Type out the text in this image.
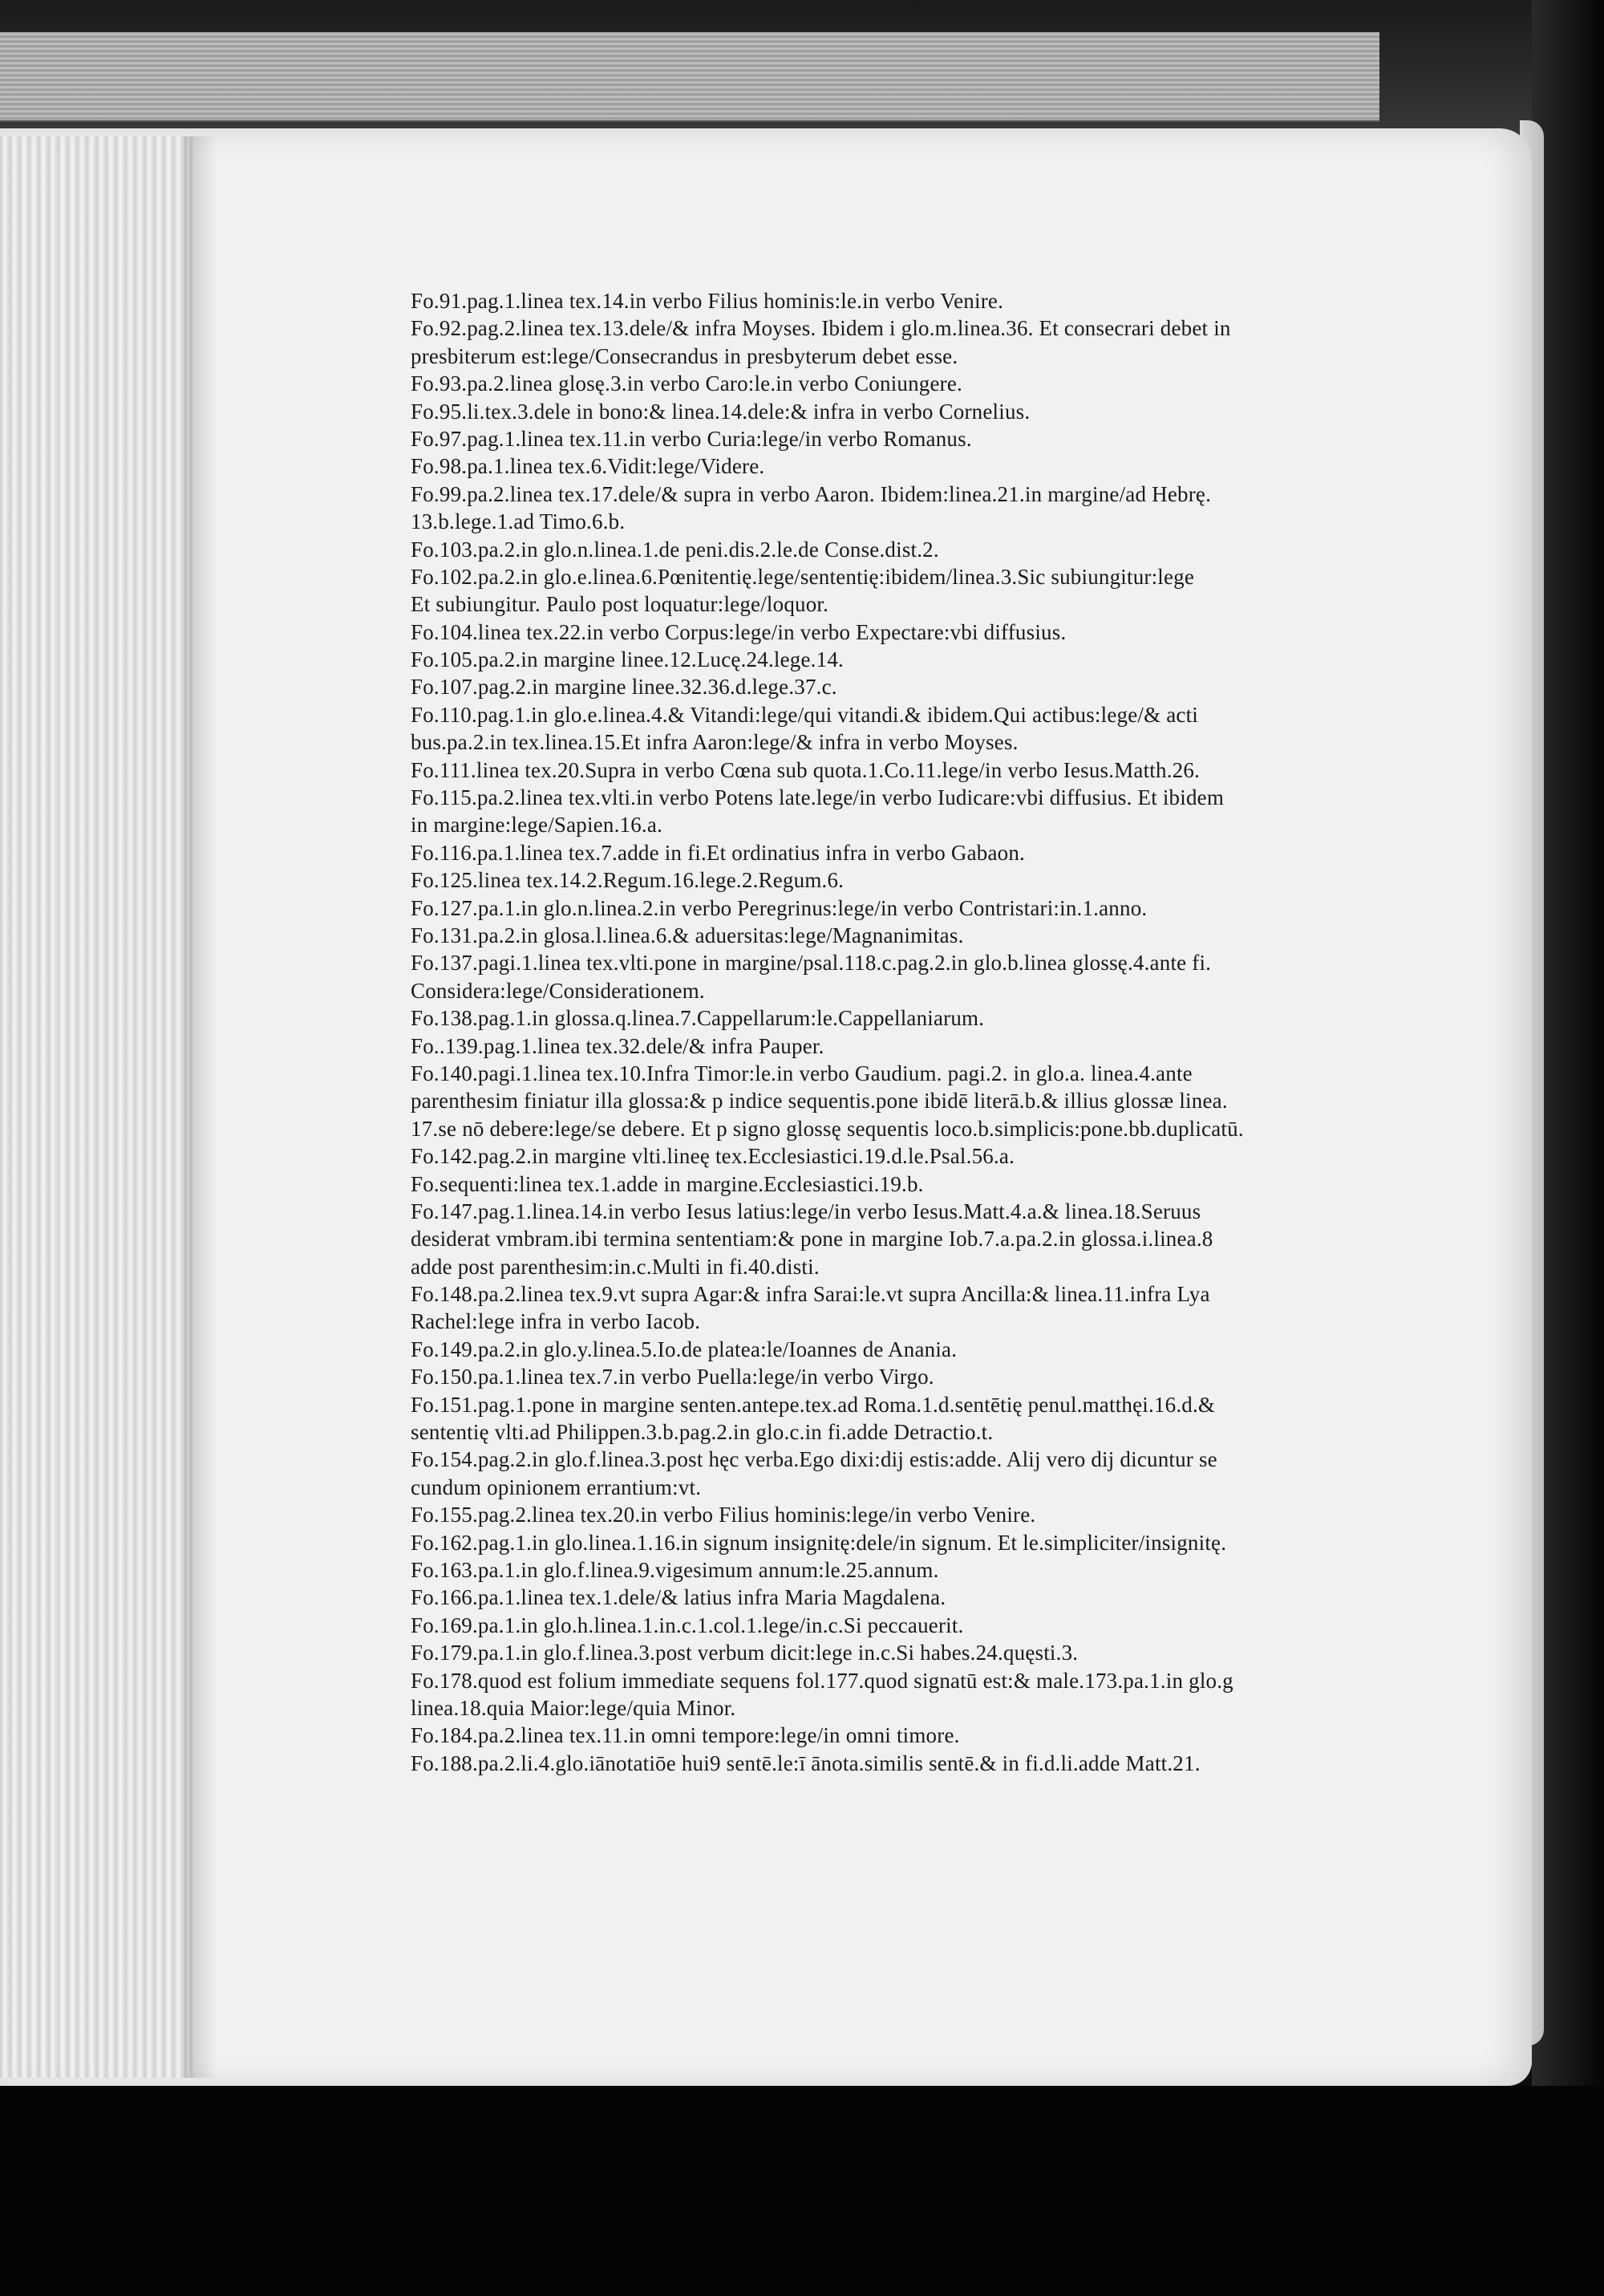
Fo.91.pag.1.linea tex.14.in verbo Filius hominis:le.in verbo Venire.
Fo.92.pag.2.linea tex.13.dele/& infra Moyses. Ibidem i glo.m.linea.36. Et consecrari debet in
presbiterum est:lege/Consecrandus in presbyterum debet esse.
Fo.93.pa.2.linea glosę.3.in verbo Caro:le.in verbo Coniungere.
Fo.95.li.tex.3.dele in bono:& linea.14.dele:& infra in verbo Cornelius.
Fo.97.pag.1.linea tex.11.in verbo Curia:lege/in verbo Romanus.
Fo.98.pa.1.linea tex.6.Vidit:lege/Videre.
Fo.99.pa.2.linea tex.17.dele/& supra in verbo Aaron. Ibidem:linea.21.in margine/ad Hebrę.
13.b.lege.1.ad Timo.6.b.
Fo.103.pa.2.in glo.n.linea.1.de peni.dis.2.le.de Conse.dist.2.
Fo.102.pa.2.in glo.e.linea.6.Pœnitentię.lege/sententię:ibidem/linea.3.Sic subiungitur:lege
Et subiungitur. Paulo post loquatur:lege/loquor.
Fo.104.linea tex.22.in verbo Corpus:lege/in verbo Expectare:vbi diffusius.
Fo.105.pa.2.in margine linee.12.Lucę.24.lege.14.
Fo.107.pag.2.in margine linee.32.36.d.lege.37.c.
Fo.110.pag.1.in glo.e.linea.4.& Vitandi:lege/qui vitandi.& ibidem.Qui actibus:lege/& acti
bus.pa.2.in tex.linea.15.Et infra Aaron:lege/& infra in verbo Moyses.
Fo.111.linea tex.20.Supra in verbo Cœna sub quota.1.Co.11.lege/in verbo Iesus.Matth.26.
Fo.115.pa.2.linea tex.vlti.in verbo Potens late.lege/in verbo Iudicare:vbi diffusius. Et ibidem
in margine:lege/Sapien.16.a.
Fo.116.pa.1.linea tex.7.adde in fi.Et ordinatius infra in verbo Gabaon.
Fo.125.linea tex.14.2.Regum.16.lege.2.Regum.6.
Fo.127.pa.1.in glo.n.linea.2.in verbo Peregrinus:lege/in verbo Contristari:in.1.anno.
Fo.131.pa.2.in glosa.l.linea.6.& aduersitas:lege/Magnanimitas.
Fo.137.pagi.1.linea tex.vlti.pone in margine/psal.118.c.pag.2.in glo.b.linea glossę.4.ante fi.
Considera:lege/Considerationem.
Fo.138.pag.1.in glossa.q.linea.7.Cappellarum:le.Cappellaniarum.
Fo..139.pag.1.linea tex.32.dele/& infra Pauper.
Fo.140.pagi.1.linea tex.10.Infra Timor:le.in verbo Gaudium. pagi.2. in glo.a. linea.4.ante
parenthesim finiatur illa glossa:& p indice sequentis.pone ibidē literā.b.& illius glossæ linea.
17.se nō debere:lege/se debere. Et p signo glossę sequentis loco.b.simplicis:pone.bb.duplicatū.
Fo.142.pag.2.in margine vlti.lineę tex.Ecclesiastici.19.d.le.Psal.56.a.
Fo.sequenti:linea tex.1.adde in margine.Ecclesiastici.19.b.
Fo.147.pag.1.linea.14.in verbo Iesus latius:lege/in verbo Iesus.Matt.4.a.& linea.18.Seruus
desiderat vmbram.ibi termina sententiam:& pone in margine Iob.7.a.pa.2.in glossa.i.linea.8
adde post parenthesim:in.c.Multi in fi.40.disti.
Fo.148.pa.2.linea tex.9.vt supra Agar:& infra Sarai:le.vt supra Ancilla:& linea.11.infra Lya
Rachel:lege infra in verbo Iacob.
Fo.149.pa.2.in glo.y.linea.5.Io.de platea:le/Ioannes de Anania.
Fo.150.pa.1.linea tex.7.in verbo Puella:lege/in verbo Virgo.
Fo.151.pag.1.pone in margine senten.antepe.tex.ad Roma.1.d.sentētię penul.matthęi.16.d.&
sententię vlti.ad Philippen.3.b.pag.2.in glo.c.in fi.adde Detractio.t.
Fo.154.pag.2.in glo.f.linea.3.post hęc verba.Ego dixi:dij estis:adde. Alij vero dij dicuntur se
cundum opinionem errantium:vt.
Fo.155.pag.2.linea tex.20.in verbo Filius hominis:lege/in verbo Venire.
Fo.162.pag.1.in glo.linea.1.16.in signum insignitę:dele/in signum. Et le.simpliciter/insignitę.
Fo.163.pa.1.in glo.f.linea.9.vigesimum annum:le.25.annum.
Fo.166.pa.1.linea tex.1.dele/& latius infra Maria Magdalena.
Fo.169.pa.1.in glo.h.linea.1.in.c.1.col.1.lege/in.c.Si peccauerit.
Fo.179.pa.1.in glo.f.linea.3.post verbum dicit:lege in.c.Si habes.24.quęsti.3.
Fo.178.quod est folium immediate sequens fol.177.quod signatū est:& male.173.pa.1.in glo.g
linea.18.quia Maior:lege/quia Minor.
Fo.184.pa.2.linea tex.11.in omni tempore:lege/in omni timore.
Fo.188.pa.2.li.4.glo.iānotatiōe hui9 sentē.le:ī ānota.similis sentē.& in fi.d.li.adde Matt.21.
